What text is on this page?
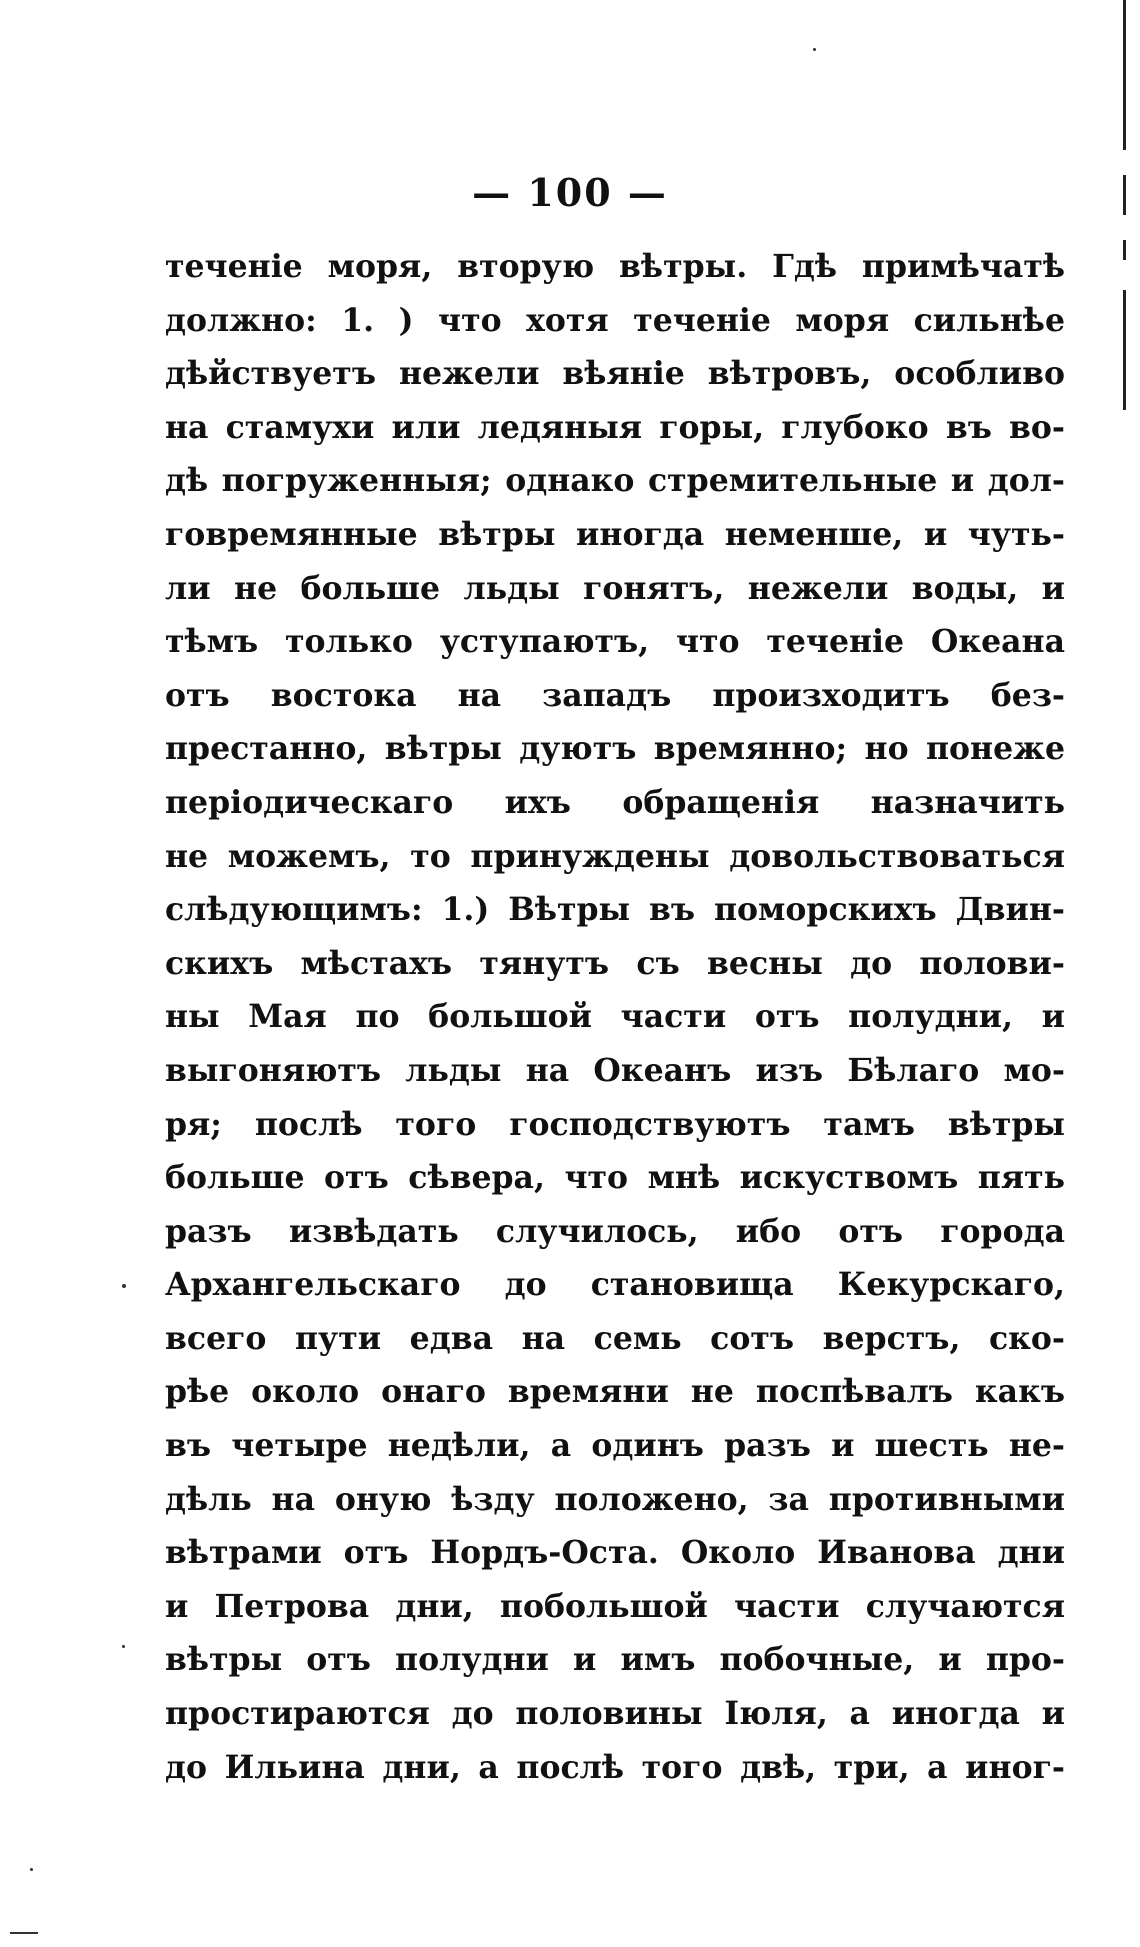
— 100 —
теченіе моря, вторую вѣтры. Гдѣ примѣчатѣ
должно: 1. ) что хотя теченіе моря сильнѣе
дѣйствуетъ нежели вѣяніе вѣтровъ, особливо
на стамухи или ледяныя горы, глубоко въ во-
дѣ погруженныя; однако стремительные и дол-
говремянные вѣтры иногда неменше, и чуть-
ли не больше льды гонятъ, нежели воды, и
тѣмъ только уступаютъ, что теченіе Океана
отъ востока на западъ произходитъ без-
престанно, вѣтры дуютъ времянно; но понеже
періодическаго ихъ обращенія назначить
не можемъ, то принуждены довольствоваться
слѣдующимъ: 1.) Вѣтры въ поморскихъ Двин-
скихъ мѣстахъ тянутъ съ весны до полови-
ны Мая по большой части отъ полудни, и
выгоняютъ льды на Океанъ изъ Бѣлаго мо-
ря; послѣ того господствуютъ тамъ вѣтры
больше отъ сѣвера, что мнѣ искуствомъ пять
разъ извѣдать случилось, ибо отъ города
Архангельскаго до становища Кекурскаго,
всего пути едва на семь сотъ верстъ, ско-
рѣе около онаго времяни не поспѣвалъ какъ
въ четыре недѣли, а одинъ разъ и шесть не-
дѣль на оную ѣзду положено, за противными
вѣтрами отъ Нордъ-Оста. Около Иванова дни
и Петрова дни, побольшой части случаются
вѣтры отъ полудни и имъ побочные, и про-
простираются до половины Іюля, а иногда и
до Ильина дни, а послѣ того двѣ, три, а иног-
